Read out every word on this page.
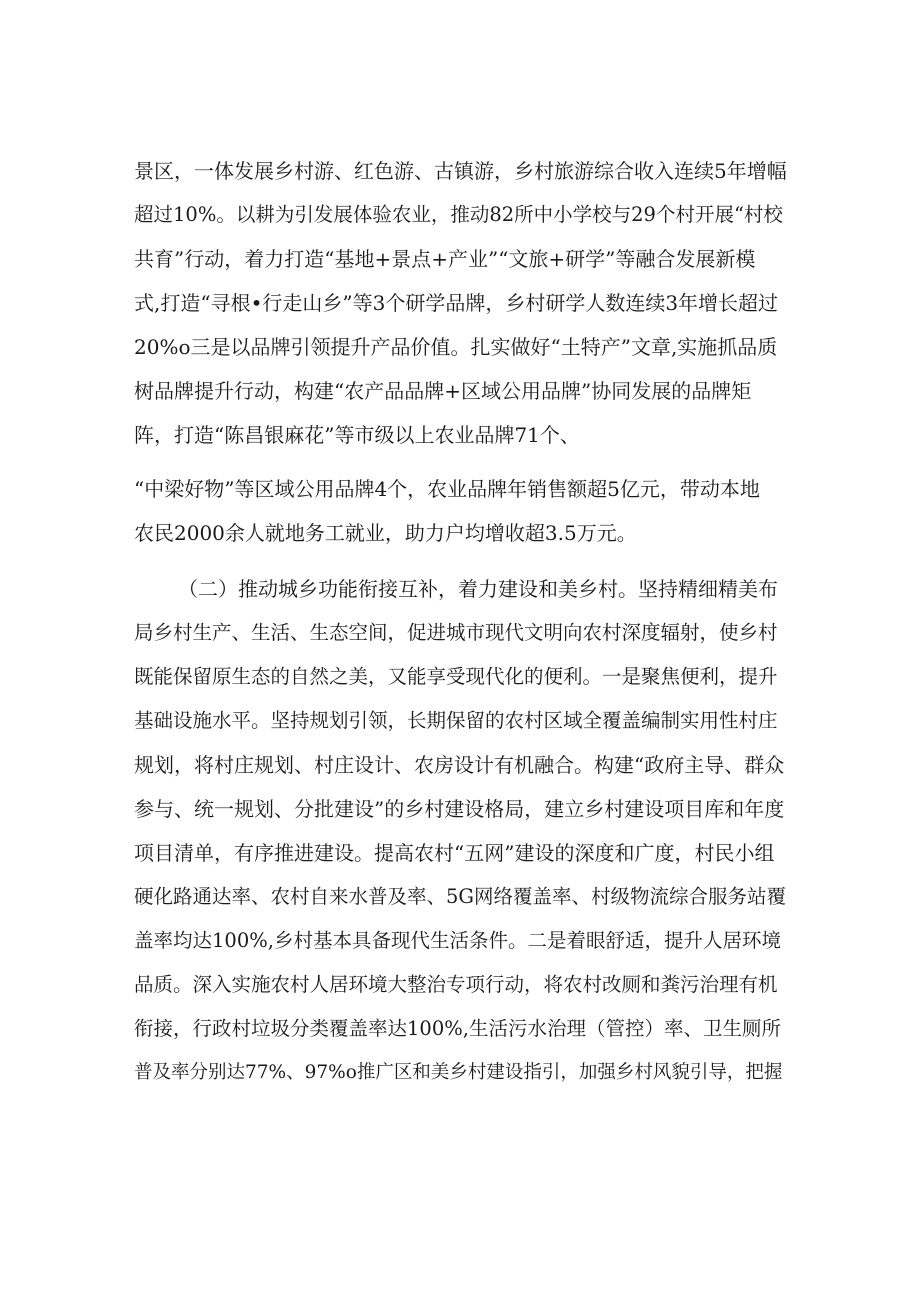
景区，一体发展乡村游、红色游、古镇游，乡村旅游综合收入连续5年增幅

超过10%。以耕为引发展体验农业，推动82所中小学校与29个村开展“村校

共育”行动，着力打造“基地+景点+产业”“文旅+研学”等融合发展新模

式,打造“寻根•行走山乡”等3个研学品牌，乡村研学人数连续3年增长超过

20%o三是以品牌引领提升产品价值。扎实做好“土特产”文章,实施抓品质

树品牌提升行动，构建“农产品品牌+区域公用品牌”协同发展的品牌矩

阵，打造“陈昌银麻花”等市级以上农业品牌71个、

“中梁好物”等区域公用品牌4个，农业品牌年销售额超5亿元，带动本地

农民2000余人就地务工就业，助力户均增收超3.5万元。

（二）推动城乡功能衔接互补，着力建设和美乡村。坚持精细精美布

局乡村生产、生活、生态空间，促进城市现代文明向农村深度辐射，使乡村

既能保留原生态的自然之美，又能享受现代化的便利。一是聚焦便利，提升

基础设施水平。坚持规划引领，长期保留的农村区域全覆盖编制实用性村庄

规划，将村庄规划、村庄设计、农房设计有机融合。构建“政府主导、群众

参与、统一规划、分批建设”的乡村建设格局，建立乡村建设项目库和年度

项目清单，有序推进建设。提高农村“五网”建设的深度和广度，村民小组

硬化路通达率、农村自来水普及率、5G网络覆盖率、村级物流综合服务站覆

盖率均达100%,乡村基本具备现代生活条件。二是着眼舒适，提升人居环境

品质。深入实施农村人居环境大整治专项行动，将农村改厕和粪污治理有机

衔接，行政村垃圾分类覆盖率达100%,生活污水治理（管控）率、卫生厕所

普及率分别达77%、97%o推广区和美乡村建设指引，加强乡村风貌引导，把握
